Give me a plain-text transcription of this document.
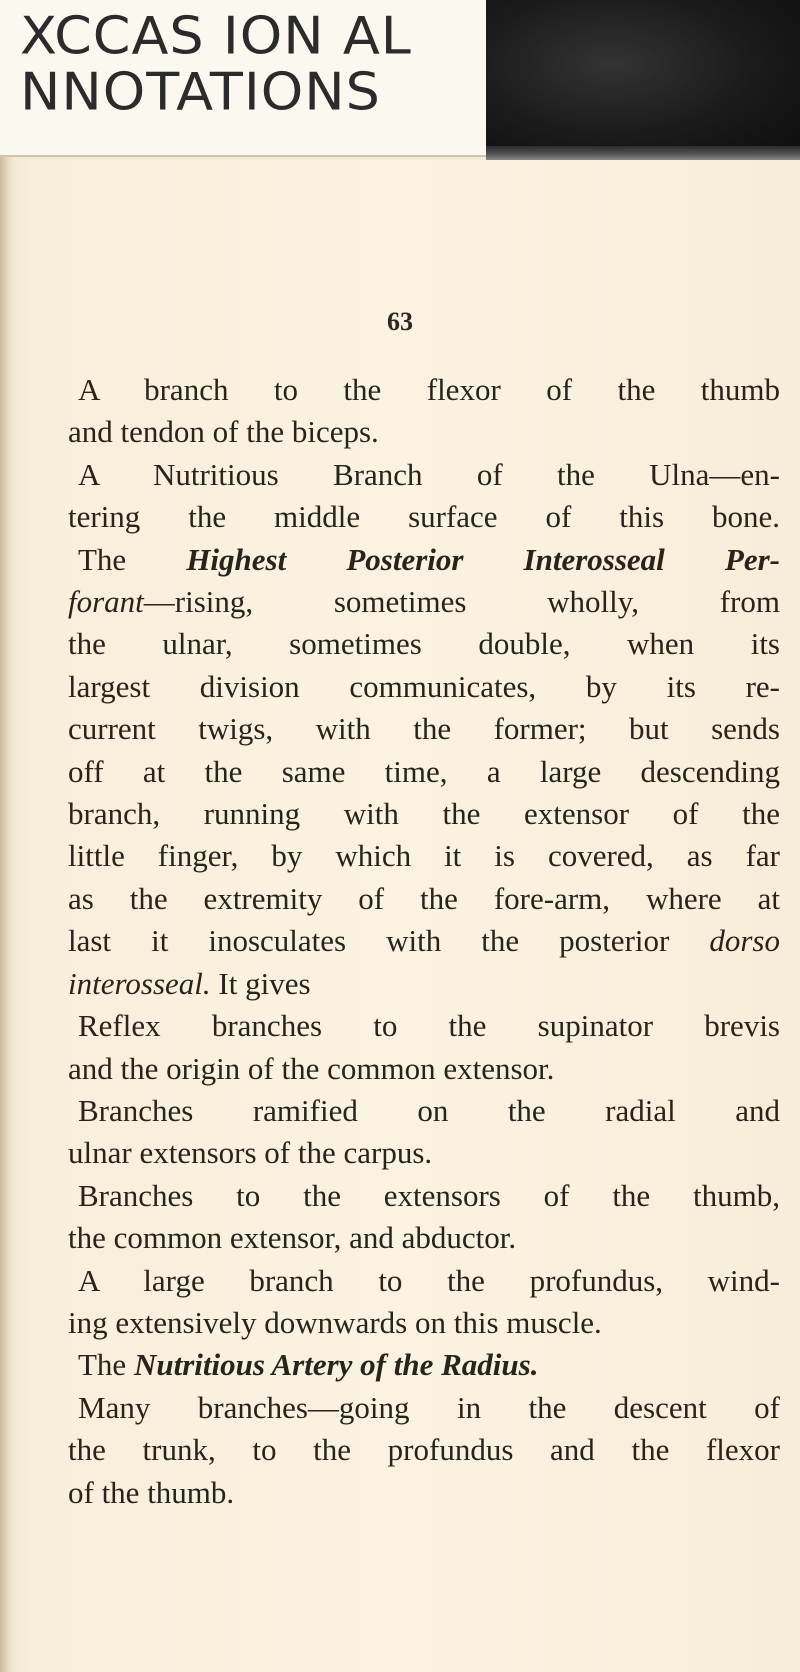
XCCAS ION AL
NNOTATIONS
63
A branch to the flexor of the thumb
and tendon of the biceps.
A Nutritious Branch of the Ulna—en-
tering the middle surface of this bone.
The Highest Posterior Interosseal Per-
forant—rising, sometimes wholly, from
the ulnar, sometimes double, when its
largest division communicates, by its re-
current twigs, with the former; but sends
off at the same time, a large descending
branch, running with the extensor of the
little finger, by which it is covered, as far
as the extremity of the fore-arm, where at
last it inosculates with the posterior dorso
interosseal. It gives
Reflex branches to the supinator brevis
and the origin of the common extensor.
Branches ramified on the radial and
ulnar extensors of the carpus.
Branches to the extensors of the thumb,
the common extensor, and abductor.
A large branch to the profundus, wind-
ing extensively downwards on this muscle.
The Nutritious Artery of the Radius.
Many branches—going in the descent of
the trunk, to the profundus and the flexor
of the thumb.
